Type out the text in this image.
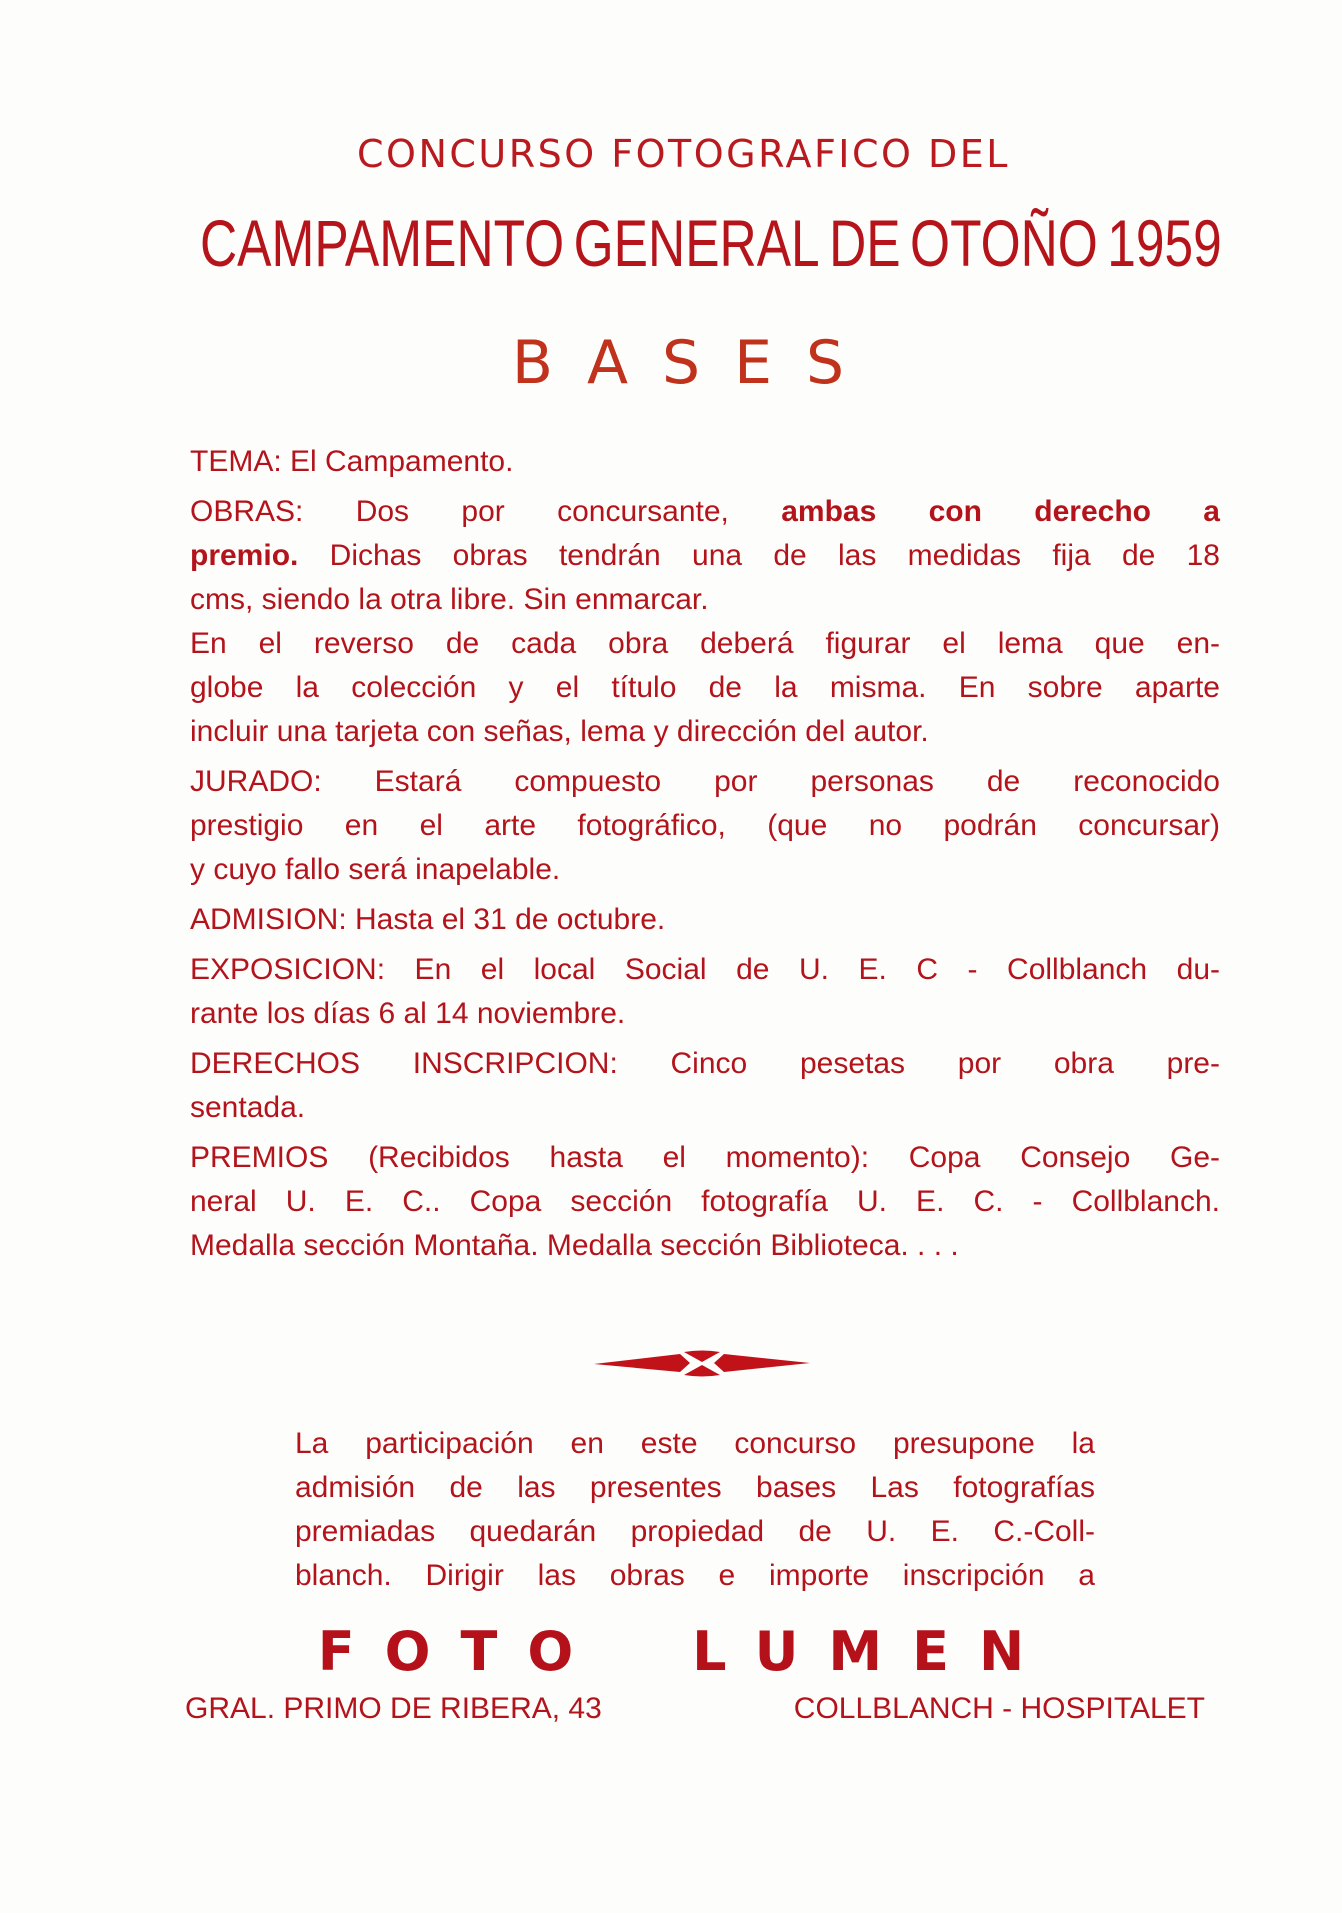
CONCURSO FOTOGRAFICO DEL
CAMPAMENTO GENERAL DE OTOÑO 1959
BASES
TEMA: El Campamento.
OBRAS: Dos por concursante, ambas con derecho a
premio. Dichas obras tendrán una de las medidas fija de 18
cms, siendo la otra libre. Sin enmarcar.
En el reverso de cada obra deberá figurar el lema que en-
globe la colección y el título de la misma. En sobre aparte
incluir una tarjeta con señas, lema y dirección del autor.
JURADO: Estará compuesto por personas de reconocido
prestigio en el arte fotográfico, (que no podrán concursar)
y cuyo fallo será inapelable.
ADMISION: Hasta el 31 de octubre.
EXPOSICION: En el local Social de U. E. C - Collblanch du-
rante los días 6 al 14 noviembre.
DERECHOS INSCRIPCION: Cinco pesetas por obra pre-
sentada.
PREMIOS (Recibidos hasta el momento): Copa Consejo Ge-
neral U. E. C.. Copa sección fotografía U. E. C. - Collblanch.
Medalla sección Montaña. Medalla sección Biblioteca. . . .
La participación en este concurso presupone la
admisión de las presentes bases Las fotografías
premiadas quedarán propiedad de U. E. C.-Coll-
blanch. Dirigir las obras e importe inscripción a
FOTO LUMEN
GRAL. PRIMO DE RIBERA, 43	COLLBLANCH - HOSPITALET
